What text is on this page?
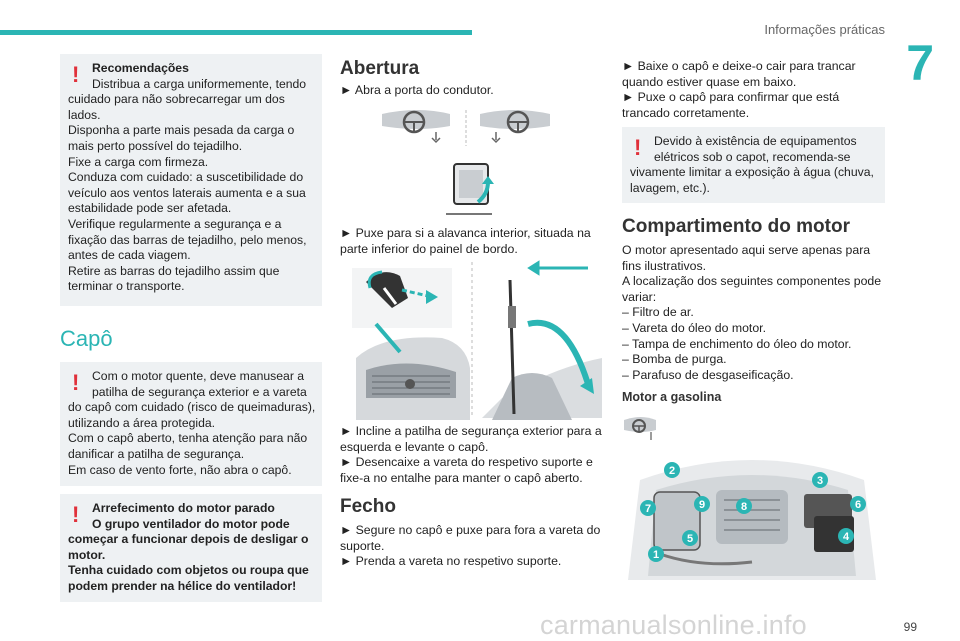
Informações práticas
7
! Recomendações
Distribua a carga uniformemente, tendo
cuidado para não sobrecarregar um dos
lados.
Disponha a parte mais pesada da carga o
mais perto possível do tejadilho.
Fixe a carga com firmeza.
Conduza com cuidado: a suscetibilidade do
veículo aos ventos laterais aumenta e a sua
estabilidade pode ser afetada.
Verifique regularmente a segurança e a
fixação das barras de tejadilho, pelo menos,
antes de cada viagem.
Retire as barras do tejadilho assim que
terminar o transporte.
Capô
! Com o motor quente, deve manusear a
patilha de segurança exterior e a vareta
do capô com cuidado (risco de queimaduras),
utilizando a área protegida.
Com o capô aberto, tenha atenção para não
danificar a patilha de segurança.
Em caso de vento forte, não abra o capô.
! Arrefecimento do motor parado
O grupo ventilador do motor pode
começar a funcionar depois de desligar o
motor.
Tenha cuidado com objetos ou roupa que
podem prender na hélice do ventilador!
Abertura
► Abra a porta do condutor.
► Puxe para si a alavanca interior, situada na
parte inferior do painel de bordo.
► Incline a patilha de segurança exterior para a
esquerda e levante o capô.
► Desencaixe a vareta do respetivo suporte e
fixe-a no entalhe para manter o capô aberto.
Fecho
► Segure no capô e puxe para fora a vareta do
suporte.
► Prenda a vareta no respetivo suporte.
► Baixe o capô e deixe-o cair para trancar
quando estiver quase em baixo.
► Puxe o capô para confirmar que está
trancado corretamente.
! Devido à existência de equipamentos
elétricos sob o capot, recomenda-se
vivamente limitar a exposição à água (chuva,
lavagem, etc.).
Compartimento do motor
O motor apresentado aqui serve apenas para
fins ilustrativos.
A localização dos seguintes componentes pode
variar:
– Filtro de ar.
– Vareta do óleo do motor.
– Tampa de enchimento do óleo do motor.
– Bomba de purga.
– Parafuso de desgaseificação.
Motor a gasolina
2
3
6
7	9	8
5
1
4
carmanualsonline.info	99
